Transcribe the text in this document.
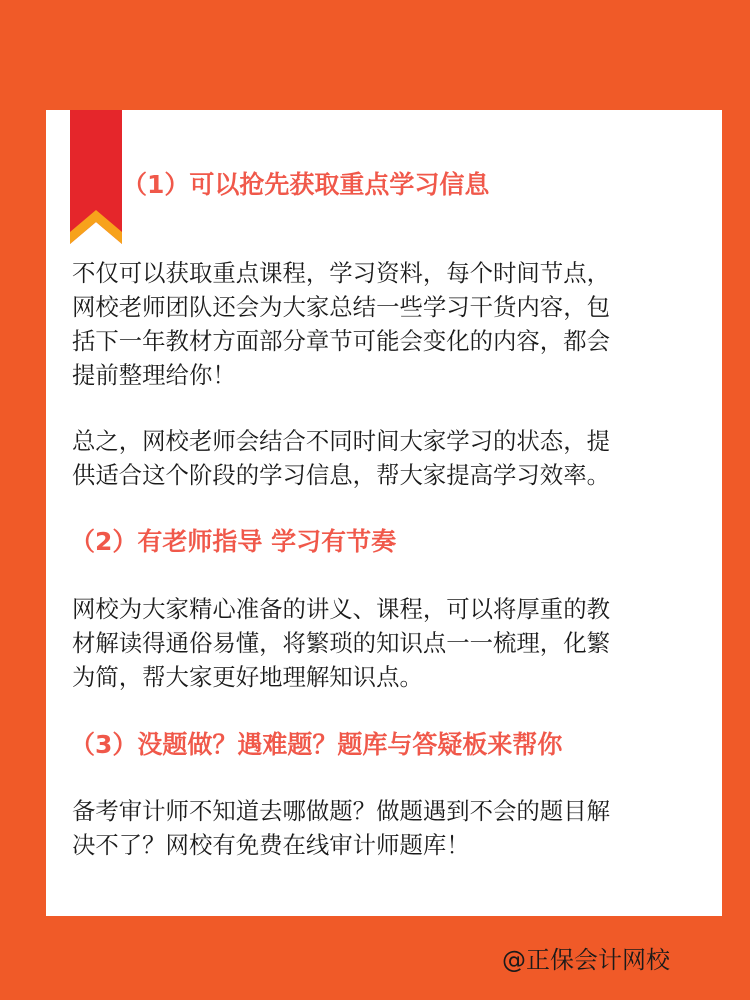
（1）可以抢先获取重点学习信息

不仅可以获取重点课程，学习资料，每个时间节点，
网校老师团队还会为大家总结一些学习干货内容，包
括下一年教材方面部分章节可能会变化的内容，都会
提前整理给你！

总之，网校老师会结合不同时间大家学习的状态，提
供适合这个阶段的学习信息，帮大家提高学习效率。

（2）有老师指导 学习有节奏

网校为大家精心准备的讲义、课程，可以将厚重的教
材解读得通俗易懂，将繁琐的知识点一一梳理，化繁
为简，帮大家更好地理解知识点。

（3）没题做？遇难题？题库与答疑板来帮你

备考审计师不知道去哪做题？做题遇到不会的题目解
决不了？网校有免费在线审计师题库！

@正保会计网校
